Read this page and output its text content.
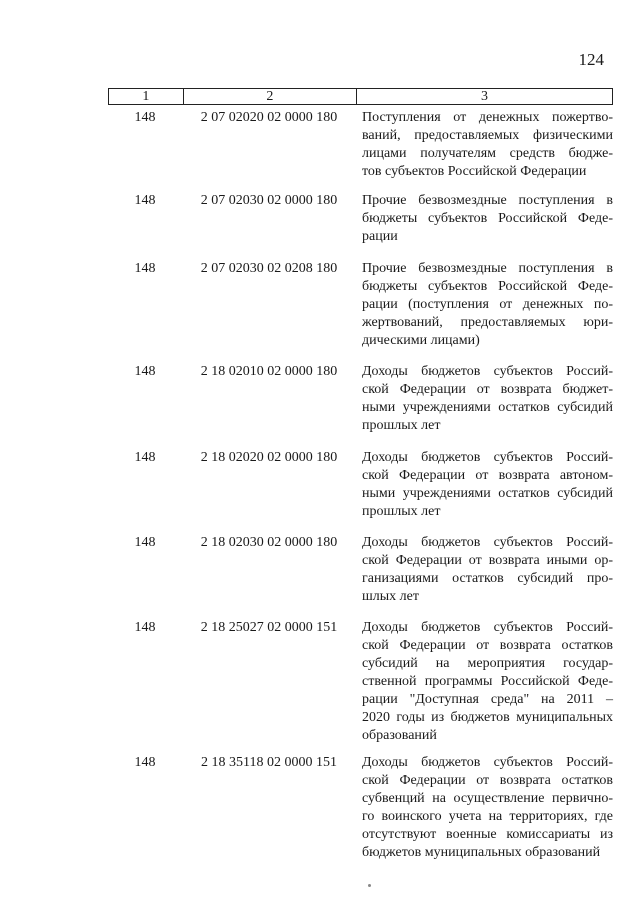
124
1	2	3
148	2 07 02020 02 0000 180	Поступления от денежных пожертво-
ваний, предоставляемых физическими
лицами получателям средств бюдже-
тов субъектов Российской Федерации
148	2 07 02030 02 0000 180	Прочие безвозмездные поступления в
бюджеты субъектов Российской Феде-
рации
148	2 07 02030 02 0208 180	Прочие безвозмездные поступления в
бюджеты субъектов Российской Феде-
рации (поступления от денежных по-
жертвований, предоставляемых юри-
дическими лицами)
148	2 18 02010 02 0000 180	Доходы бюджетов субъектов Россий-
ской Федерации от возврата бюджет-
ными учреждениями остатков субсидий
прошлых лет
148	2 18 02020 02 0000 180	Доходы бюджетов субъектов Россий-
ской Федерации от возврата автоном-
ными учреждениями остатков субсидий
прошлых лет
148	2 18 02030 02 0000 180	Доходы бюджетов субъектов Россий-
ской Федерации от возврата иными ор-
ганизациями остатков субсидий про-
шлых лет
148	2 18 25027 02 0000 151	Доходы бюджетов субъектов Россий-
ской Федерации от возврата остатков
субсидий на мероприятия государ-
ственной программы Российской Феде-
рации "Доступная среда" на 2011 –
2020 годы из бюджетов муниципальных
образований
148	2 18 35118 02 0000 151	Доходы бюджетов субъектов Россий-
ской Федерации от возврата остатков
субвенций на осуществление первично-
го воинского учета на территориях, где
отсутствуют военные комиссариаты из
бюджетов муниципальных образований
